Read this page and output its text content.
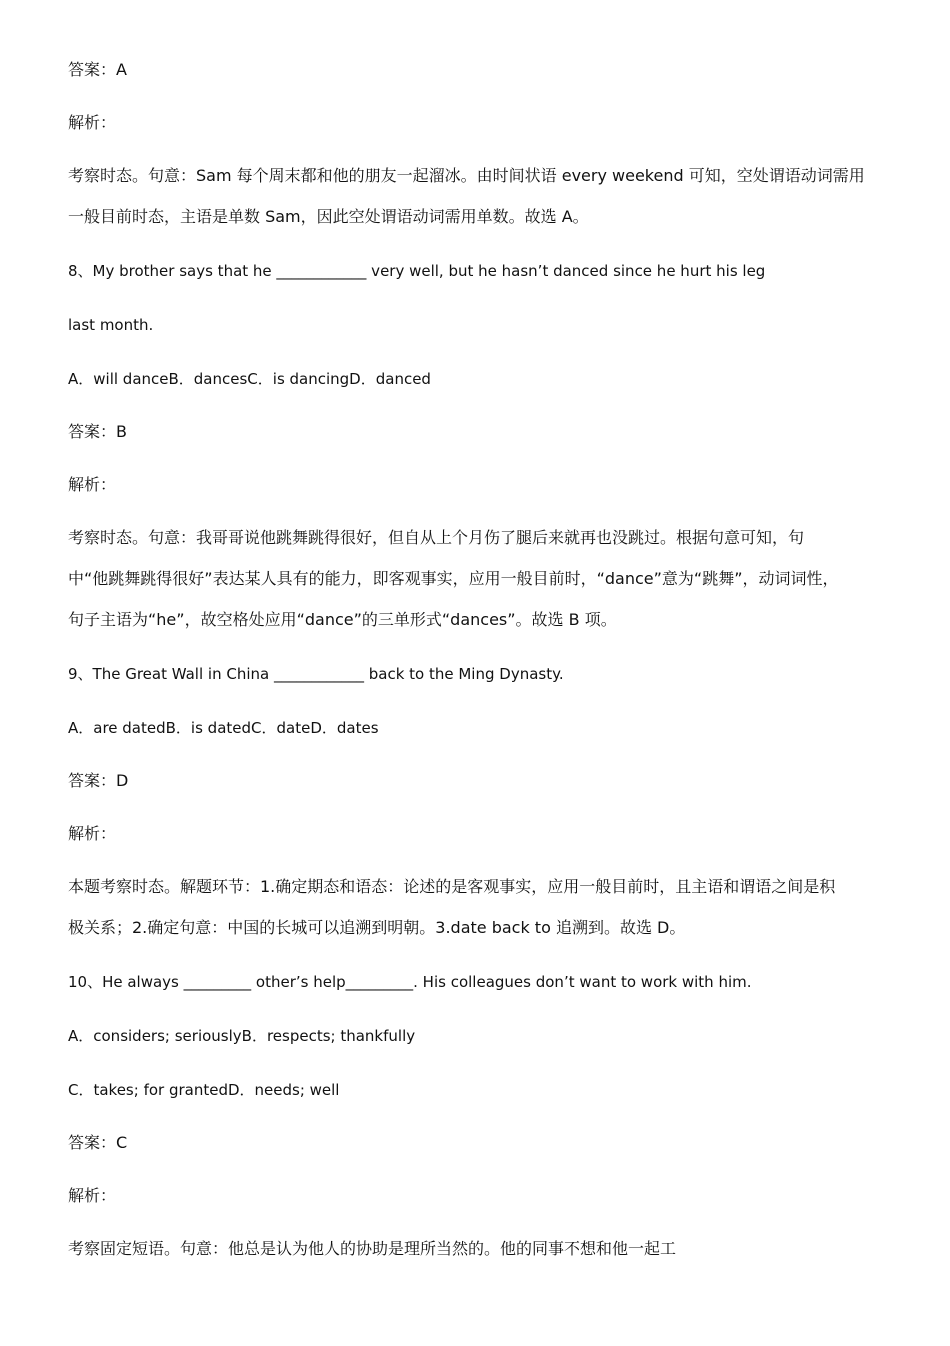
答案：A
解析：
考察时态。句意：Sam 每个周末都和他的朋友一起溜冰。由时间状语 every weekend 可知，空处谓语动词需用
一般目前时态，主语是单数 Sam，因此空处谓语动词需用单数。故选 A。
8、My brother says that he ____________ very well, but he hasn’t danced since he hurt his leg
last month.
A．will danceB．dancesC．is dancingD．danced
答案：B
解析：
考察时态。句意：我哥哥说他跳舞跳得很好，但自从上个月伤了腿后来就再也没跳过。根据句意可知，句
中“他跳舞跳得很好”表达某人具有的能力，即客观事实，应用一般目前时，“dance”意为“跳舞”，动词词性，
句子主语为“he”，故空格处应用“dance”的三单形式“dances”。故选 B 项。
9、The Great Wall in China ____________ back to the Ming Dynasty.
A．are datedB．is datedC．dateD．dates
答案：D
解析：
本题考察时态。解题环节：1.确定期态和语态：论述的是客观事实，应用一般目前时，且主语和谓语之间是积
极关系；2.确定句意：中国的长城可以追溯到明朝。3.date back to 追溯到。故选 D。
10、He always _________ other’s help_________. His colleagues don’t want to work with him.
A．considers; seriouslyB．respects; thankfully
C．takes; for grantedD．needs; well
答案：C
解析：
考察固定短语。句意：他总是认为他人的协助是理所当然的。他的同事不想和他一起工
